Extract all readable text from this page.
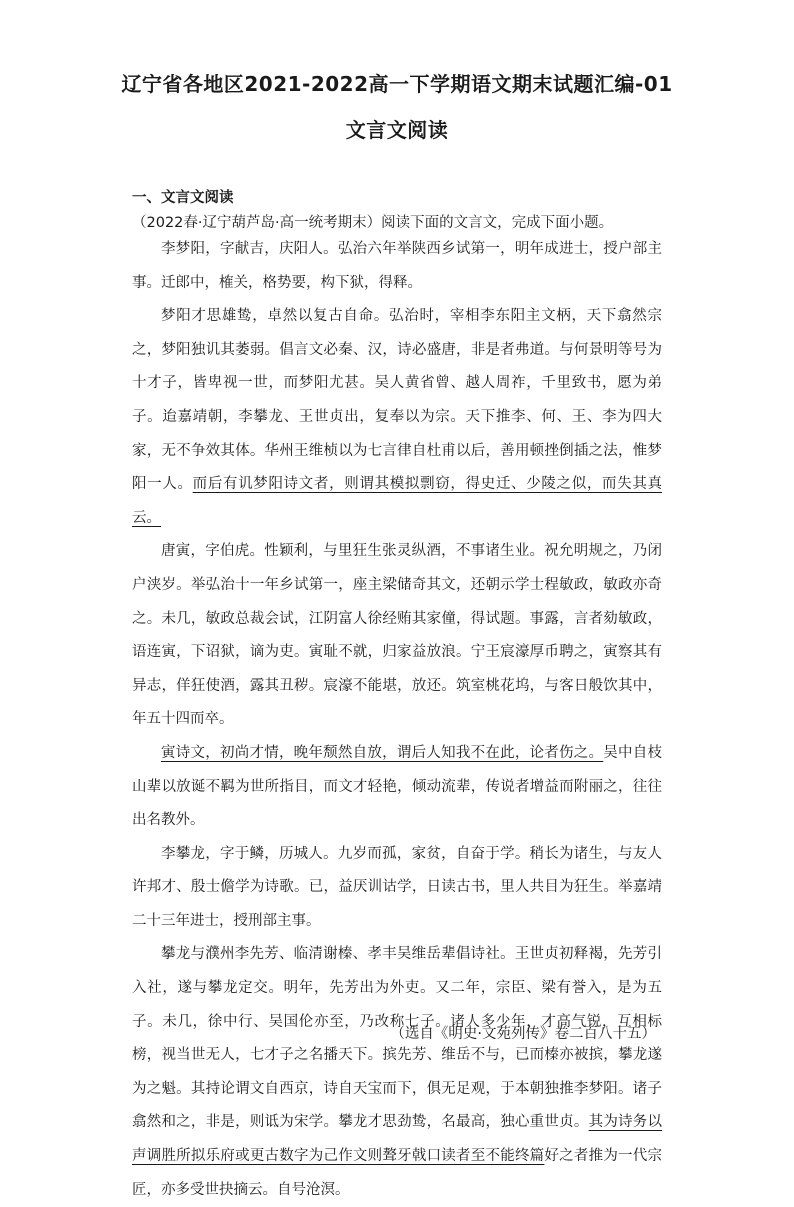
辽宁省各地区2021-2022高一下学期语文期末试题汇编-01
文言文阅读
一、文言文阅读
（2022春·辽宁葫芦岛·高一统考期末）阅读下面的文言文，完成下面小题。

李梦阳，字献吉，庆阳人。弘治六年举陕西乡试第一，明年成进士，授户部主事。迁郎中，榷关，格势要，构下狱，得释。

梦阳才思雄鸷，卓然以复古自命。弘治时，宰相李东阳主文柄，天下翕然宗之，梦阳独讥其萎弱。倡言文必秦、汉，诗必盛唐，非是者弗道。与何景明等号为十才子，皆卑视一世，而梦阳尤甚。吴人黄省曾、越人周祚，千里致书，愿为弟子。迨嘉靖朝，李攀龙、王世贞出，复奉以为宗。天下推李、何、王、李为四大家，无不争效其体。华州王维桢以为七言律自杜甫以后，善用顿挫倒插之法，惟梦阳一人。而后有讥梦阳诗文者，则谓其模拟剽窃，得史迁、少陵之似，而失其真云。

唐寅，字伯虎。性颖利，与里狂生张灵纵酒，不事诸生业。祝允明规之，乃闭户浃岁。举弘治十一年乡试第一，座主梁储奇其文，还朝示学士程敏政，敏政亦奇之。未几，敏政总裁会试，江阴富人徐经贿其家僮，得试题。事露，言者劾敏政，语连寅，下诏狱，谪为吏。寅耻不就，归家益放浪。宁王宸濠厚币聘之，寅察其有异志，佯狂使酒，露其丑秽。宸濠不能堪，放还。筑室桃花坞，与客日般饮其中，年五十四而卒。

寅诗文，初尚才情，晚年颓然自放，谓后人知我不在此，论者伤之。吴中自枝山辈以放诞不羁为世所指目，而文才轻艳，倾动流辈，传说者增益而附丽之，往往出名教外。

李攀龙，字于鳞，历城人。九岁而孤，家贫，自奋于学。稍长为诸生，与友人许邦才、殷士儋学为诗歌。已，益厌训诂学，日读古书，里人共目为狂生。举嘉靖二十三年进士，授刑部主事。

攀龙与濮州李先芳、临清谢榛、孝丰吴维岳辈倡诗社。王世贞初释褐，先芳引入社，遂与攀龙定交。明年，先芳出为外吏。又二年，宗臣、梁有誉入，是为五子。未几，徐中行、吴国伦亦至，乃改称七子。诸人多少年，才高气锐，互相标榜，视当世无人，七才子之名播天下。摈先芳、维岳不与，已而榛亦被摈，攀龙遂为之魁。其持论谓文自西京，诗自天宝而下，俱无足观，于本朝独推李梦阳。诸子翕然和之，非是，则诋为宋学。攀龙才思劲鸷，名最高，独心重世贞。其为诗务以声调胜所拟乐府或更古数字为己作文则聱牙戟口读者至不能终篇好之者推为一代宗匠，亦多受世抉摘云。自号沧溟。

（选自《明史·文苑列传》卷二百八十五）
